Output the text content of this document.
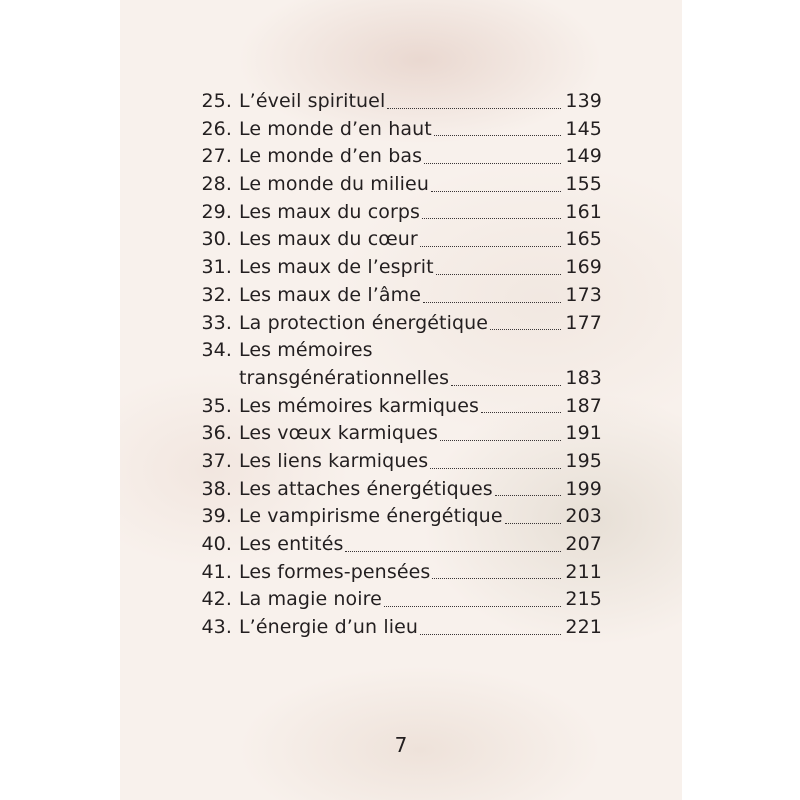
25. L’éveil spirituel	139
26. Le monde d’en haut	145
27. Le monde d’en bas	149
28. Le monde du milieu	155
29. Les maux du corps	161
30. Les maux du cœur	165
31. Les maux de l’esprit	169
32. Les maux de l’âme	173
33. La protection énergétique	177
34. Les mémoires
transgénérationnelles	183
35. Les mémoires karmiques	187
36. Les vœux karmiques	191
37. Les liens karmiques	195
38. Les attaches énergétiques	199
39. Le vampirisme énergétique	203
40. Les entités	207
41. Les formes-pensées	211
42. La magie noire	215
43. L’énergie d’un lieu	221
7
